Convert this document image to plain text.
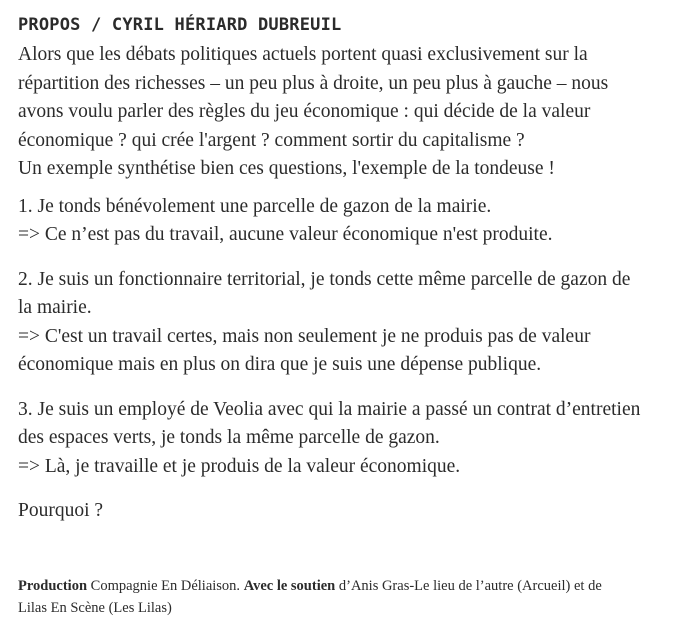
PROPOS / CYRIL HÉRIARD DUBREUIL

Alors que les débats politiques actuels portent quasi exclusivement sur la
répartition des richesses – un peu plus à droite, un peu plus à gauche – nous
avons voulu parler des règles du jeu économique : qui décide de la valeur
économique ? qui crée l'argent ? comment sortir du capitalisme ?
Un exemple synthétise bien ces questions, l'exemple de la tondeuse !

1. Je tonds bénévolement une parcelle de gazon de la mairie.
=> Ce n’est pas du travail, aucune valeur économique n'est produite.

2. Je suis un fonctionnaire territorial, je tonds cette même parcelle de gazon de
la mairie.
=> C'est un travail certes, mais non seulement je ne produis pas de valeur
économique mais en plus on dira que je suis une dépense publique.

3. Je suis un employé de Veolia avec qui la mairie a passé un contrat d’entretien
des espaces verts, je tonds la même parcelle de gazon.
=> Là, je travaille et je produis de la valeur économique.

Pourquoi ?

Production Compagnie En Déliaison. Avec le soutien d’Anis Gras-Le lieu de l’autre (Arcueil) et de
Lilas En Scène (Les Lilas)
